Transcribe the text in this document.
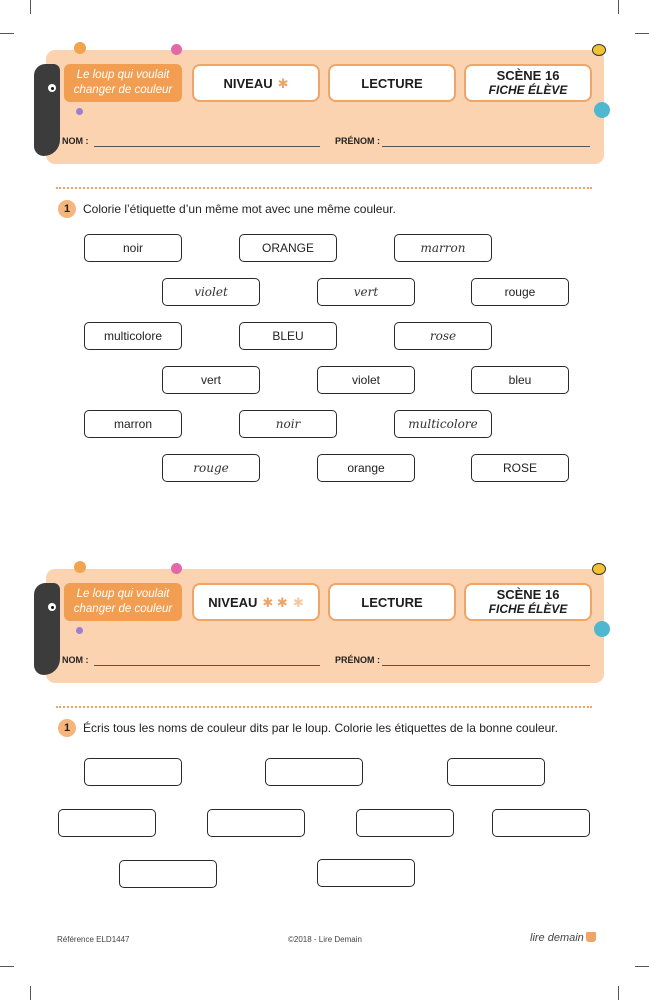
Le loup qui voulait
changer de couleur	NIVEAU ✱	LECTURE	SCÈNE 16
FICHE ÉLÈVE
NOM :	PRÉNOM :
1	Colorie l’étiquette d’un même mot avec une même couleur.
noir	ORANGE	marron
violet	vert	rouge
multicolore	BLEU	rose
vert	violet	bleu
marron	noir	multicolore
rouge	orange	ROSE
Le loup qui voulait
changer de couleur	NIVEAU ✱ ✱ ✱	LECTURE	SCÈNE 16
FICHE ÉLÈVE
NOM :	PRÉNOM :
1	Écris tous les noms de couleur dits par le loup. Colorie les étiquettes de la bonne couleur.
Référence ELD1447	©2018 - Lire Demain	lire demain
